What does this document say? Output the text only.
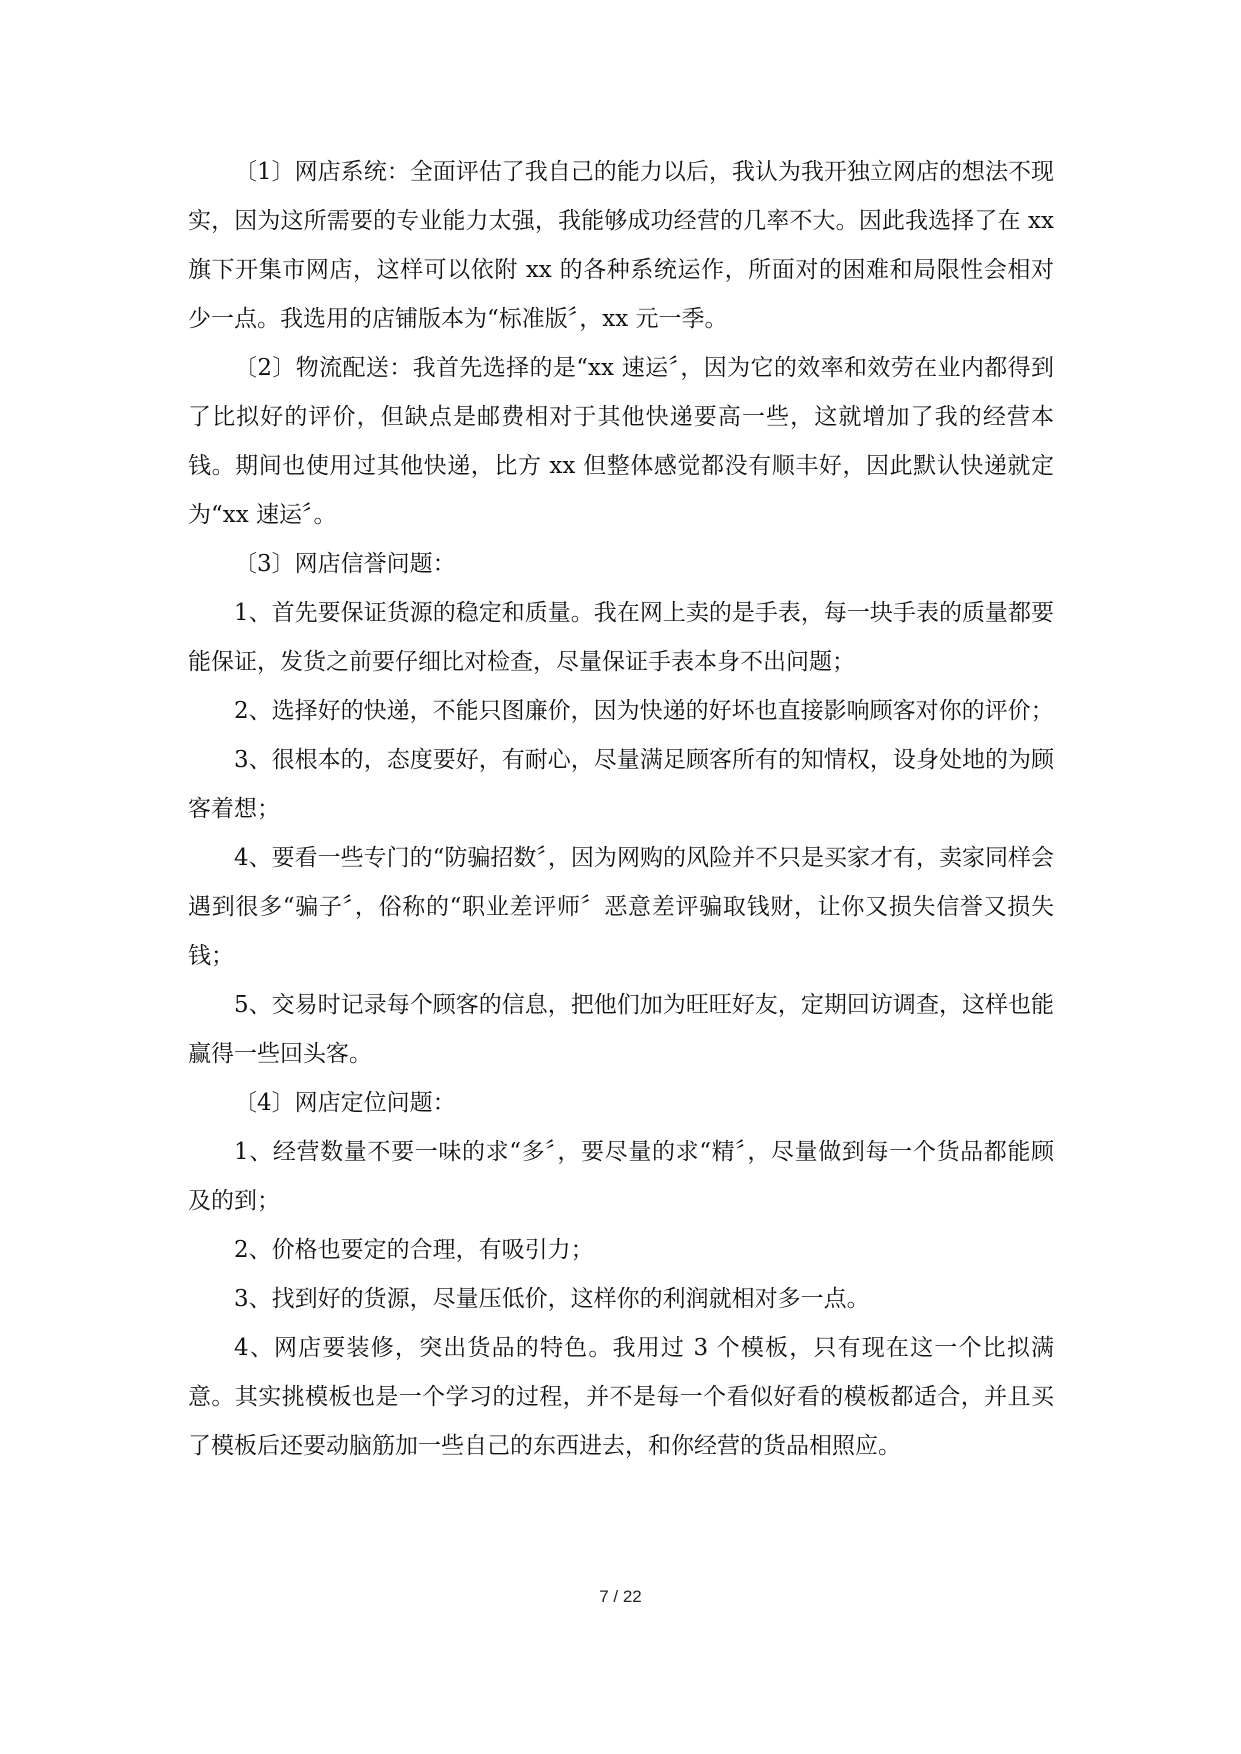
〔1〕网店系统：全面评估了我自己的能力以后，我认为我开独立网店的想法不现实，因为这所需要的专业能力太强，我能够成功经营的几率不大。因此我选择了在 xx 旗下开集市网店，这样可以依附 xx 的各种系统运作，所面对的困难和局限性会相对少一点。我选用的店铺版本为“标准版〞，xx 元一季。

〔2〕物流配送：我首先选择的是“xx 速运〞，因为它的效率和效劳在业内都得到了比拟好的评价，但缺点是邮费相对于其他快递要高一些，这就增加了我的经营本钱。期间也使用过其他快递，比方 xx 但整体感觉都没有顺丰好，因此默认快递就定为“xx 速运〞。

〔3〕网店信誉问题：

1、首先要保证货源的稳定和质量。我在网上卖的是手表，每一块手表的质量都要能保证，发货之前要仔细比对检查，尽量保证手表本身不出问题；

2、选择好的快递，不能只图廉价，因为快递的好坏也直接影响顾客对你的评价；

3、很根本的，态度要好，有耐心，尽量满足顾客所有的知情权，设身处地的为顾客着想；

4、要看一些专门的“防骗招数〞，因为网购的风险并不只是买家才有，卖家同样会遇到很多“骗子〞，俗称的“职业差评师〞恶意差评骗取钱财，让你又损失信誉又损失钱；

5、交易时记录每个顾客的信息，把他们加为旺旺好友，定期回访调查，这样也能赢得一些回头客。

〔4〕网店定位问题：

1、经营数量不要一味的求“多〞，要尽量的求“精〞，尽量做到每一个货品都能顾及的到；

2、价格也要定的合理，有吸引力；

3、找到好的货源，尽量压低价，这样你的利润就相对多一点。

4、网店要装修，突出货品的特色。我用过 3 个模板，只有现在这一个比拟满意。其实挑模板也是一个学习的过程，并不是每一个看似好看的模板都适合，并且买了模板后还要动脑筋加一些自己的东西进去，和你经营的货品相照应。

7 / 22
